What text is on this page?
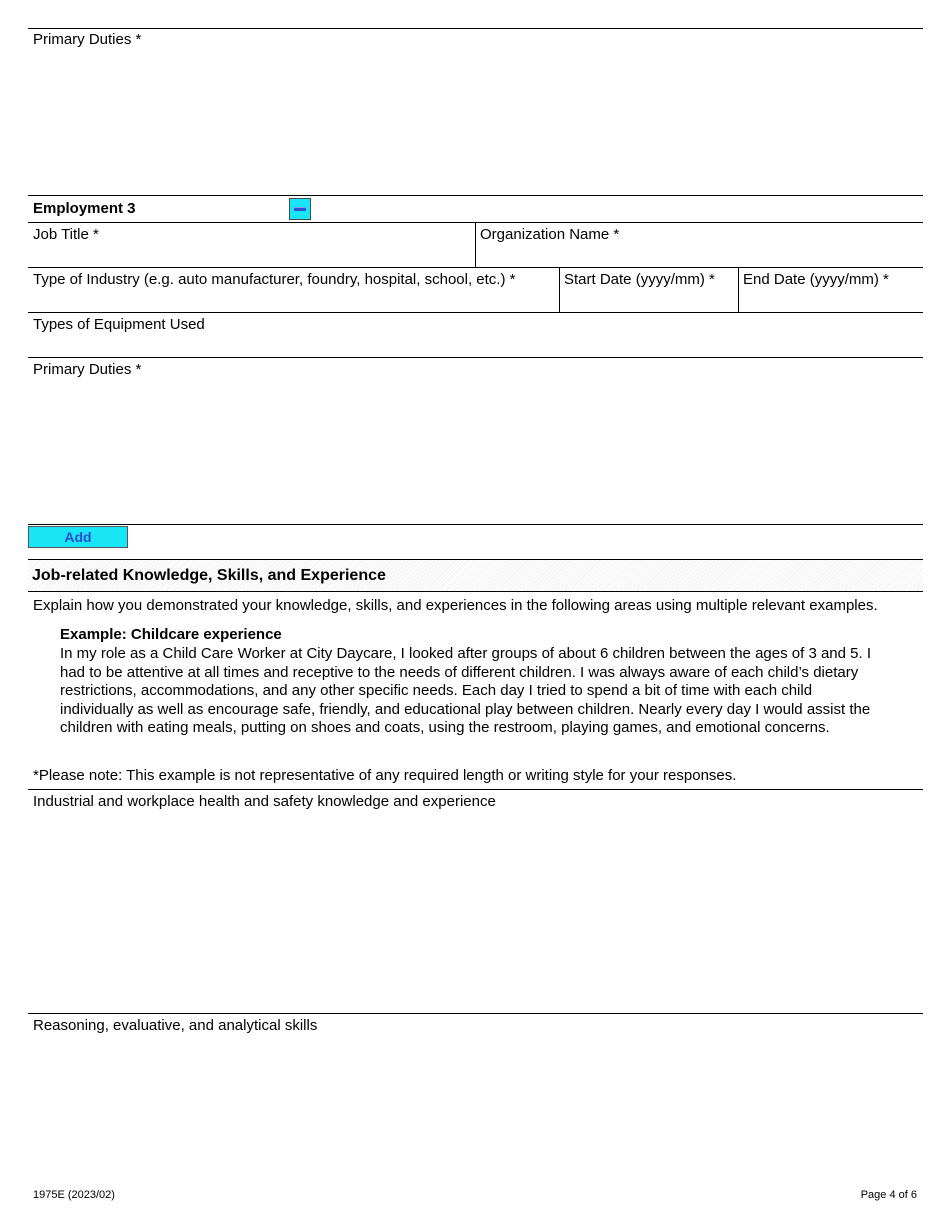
Primary Duties *
Employment 3
Job Title *	Organization Name *
Type of Industry (e.g. auto manufacturer, foundry, hospital, school, etc.) *	Start Date (yyyy/mm) * End Date (yyyy/mm) *
Types of Equipment Used
Primary Duties *
Add
Job-related Knowledge, Skills, and Experience
Explain how you demonstrated your knowledge, skills, and experiences in the following areas using multiple relevant examples.
Example: Childcare experience
In my role as a Child Care Worker at City Daycare, I looked after groups of about 6 children between the ages of 3 and 5. I had to be attentive at all times and receptive to the needs of different children. I was always aware of each child’s dietary restrictions, accommodations, and any other specific needs. Each day I tried to spend a bit of time with each child individually as well as encourage safe, friendly, and educational play between children. Nearly every day I would assist the children with eating meals, putting on shoes and coats, using the restroom, playing games, and emotional concerns.
*Please note: This example is not representative of any required length or writing style for your responses.
Industrial and workplace health and safety knowledge and experience
Reasoning, evaluative, and analytical skills
1975E (2023/02)	Page 4 of 6
